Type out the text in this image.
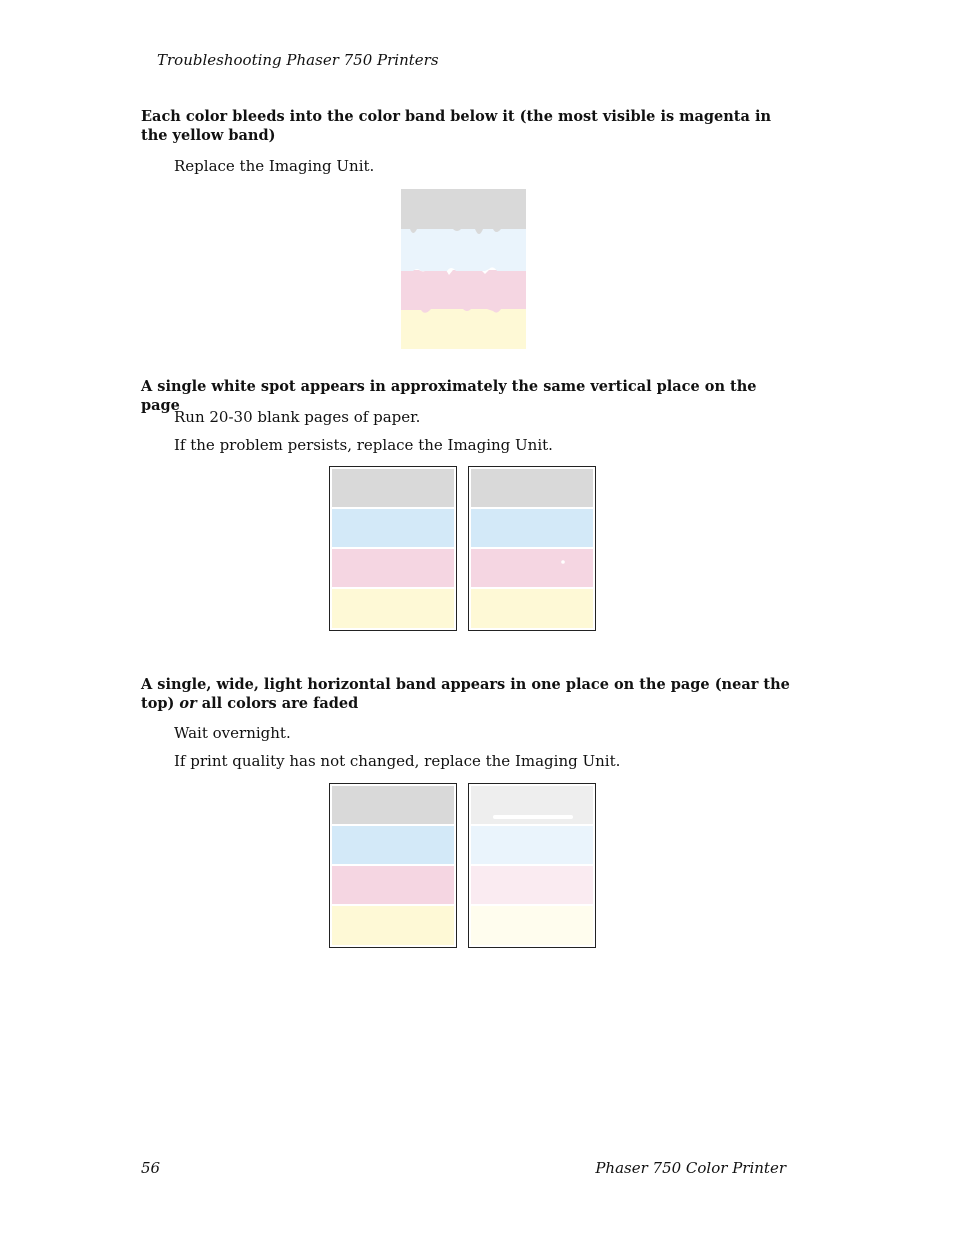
Troubleshooting Phaser 750 Printers
Each color bleeds into the color band below it (the most visible is magenta in the yellow band)
Replace the Imaging Unit.
A single white spot appears in approximately the same vertical place on the page
Run 20-30 blank pages of paper.
If the problem persists, replace the Imaging Unit.
A single, wide, light horizontal band appears in one place on the page (near the top) or all colors are faded
Wait overnight.
If print quality has not changed, replace the Imaging Unit.
56	Phaser 750 Color Printer
